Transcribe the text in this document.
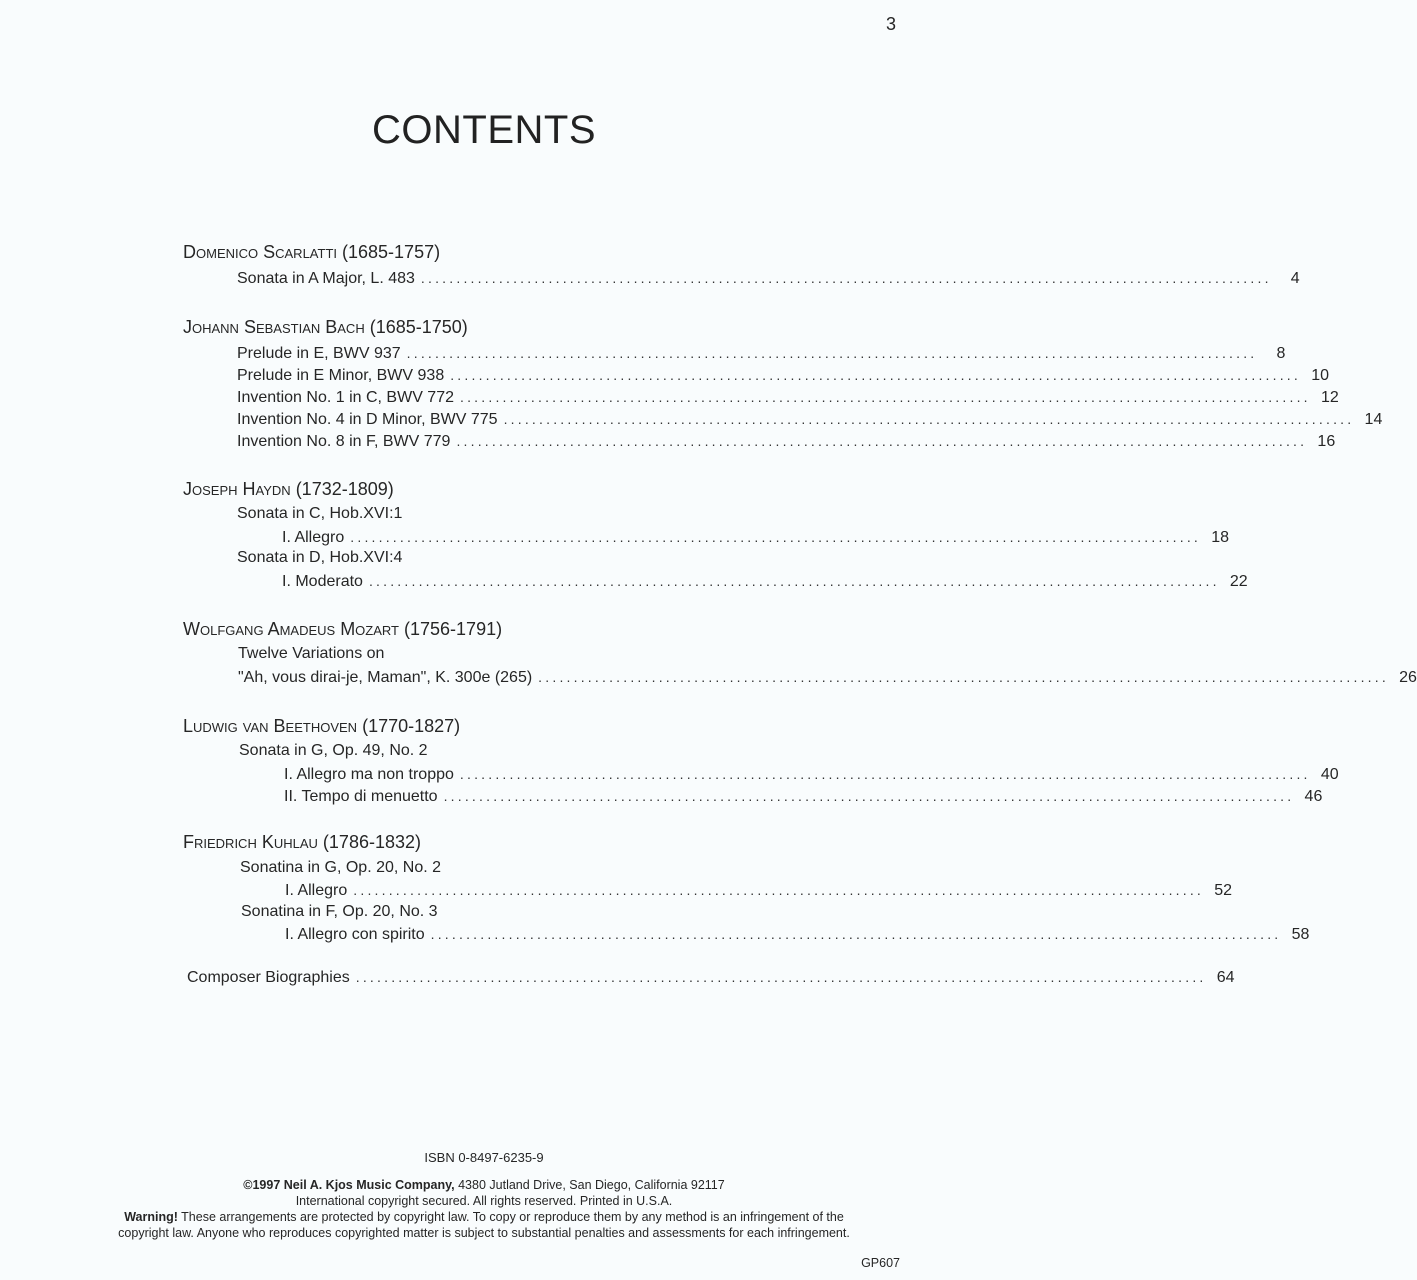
3
CONTENTS
Domenico Scarlatti (1685-1757)
Sonata in A Major, L. 483 ........................................................................................................................	4
Johann Sebastian Bach (1685-1750)
Prelude in E, BWV 937 ........................................................................................................................	8
Prelude in E Minor, BWV 938 ........................................................................................................................ 10
Invention No. 1 in C, BWV 772 ........................................................................................................................ 12
Invention No. 4 in D Minor, BWV 775 ........................................................................................................................ 14
Invention No. 8 in F, BWV 779 ........................................................................................................................ 16
Joseph Haydn (1732-1809)
Sonata in C, Hob.XVI:1
I. Allegro ........................................................................................................................ 18
Sonata in D, Hob.XVI:4
I. Moderato ........................................................................................................................ 22
Wolfgang Amadeus Mozart (1756-1791)
Twelve Variations on
"Ah, vous dirai-je, Maman", K. 300e (265) ........................................................................................................................ 26
Ludwig van Beethoven (1770-1827)
Sonata in G, Op. 49, No. 2
I. Allegro ma non troppo ........................................................................................................................ 40
II. Tempo di menuetto ........................................................................................................................ 46
Friedrich Kuhlau (1786-1832)
Sonatina in G, Op. 20, No. 2
I. Allegro ........................................................................................................................ 52
Sonatina in F, Op. 20, No. 3
I. Allegro con spirito ........................................................................................................................ 58
Composer Biographies ........................................................................................................................ 64
ISBN 0-8497-6235-9
©1997 Neil A. Kjos Music Company, 4380 Jutland Drive, San Diego, California 92117
International copyright secured. All rights reserved. Printed in U.S.A.
Warning! These arrangements are protected by copyright law. To copy or reproduce them by any method is an infringement of the
copyright law. Anyone who reproduces copyrighted matter is subject to substantial penalties and assessments for each infringement.
GP607
